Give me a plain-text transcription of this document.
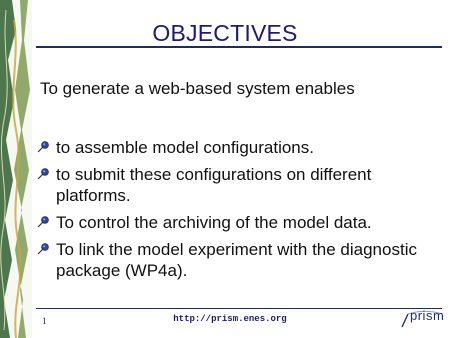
OBJECTIVES
To generate a web-based system enables
to assemble model configurations.
to submit these configurations on different platforms.
To control the archiving of the model data.
To link the model experiment with the diagnostic package (WP4a).
1	http://prism.enes.org	prism
